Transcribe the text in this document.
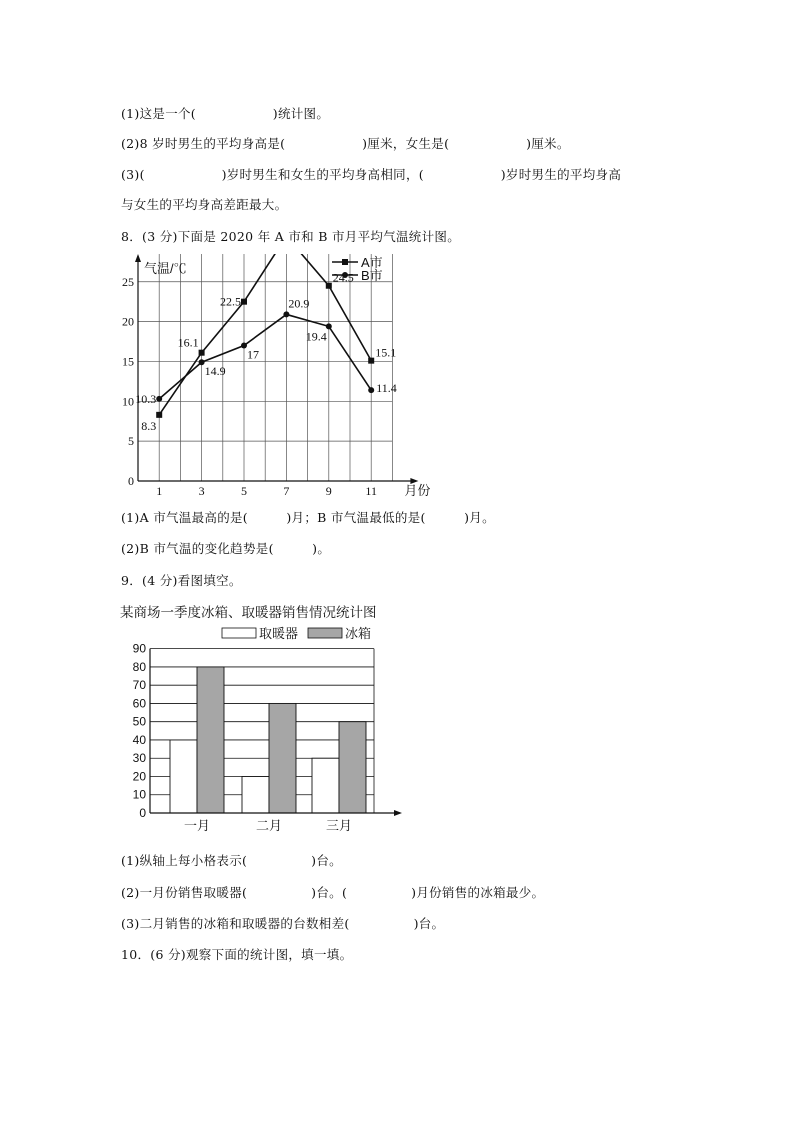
(1)这是一个(　　　　　　)统计图。
(2)8 岁时男生的平均身高是(　　　　　　)厘米，女生是(　　　　　　)厘米。
(3)(　　　　　　)岁时男生和女生的平均身高相同，(　　　　　　)岁时男生的平均身高
与女生的平均身高差距最大。
8．(3 分)下面是 2020 年 A 市和 B 市月平均气温统计图。
0
5
10
15
20
25
1	3	5	7	9	11 月份
气温/℃	A市
B市
8.3
16.1
22.5
24.5
15.1
10.3
14.9
17
20.9
19.4
11.4
(1)A 市气温最高的是(　　　)月；B 市气温最低的是(　　　)月。
(2)B 市气温的变化趋势是(　　　)。
9．(4 分)看图填空。
某商场一季度冰箱、取暖器销售情况统计图
取暖器	冰箱
0
10
20
30
40
50
60
70
80
90
一月	二月	三月
(1)纵轴上每小格表示(　　　　　)台。
(2)一月份销售取暖器(　　　　　)台。(　　　　　)月份销售的冰箱最少。
(3)二月销售的冰箱和取暖器的台数相差(　　　　　)台。
10．(6 分)观察下面的统计图，填一填。
